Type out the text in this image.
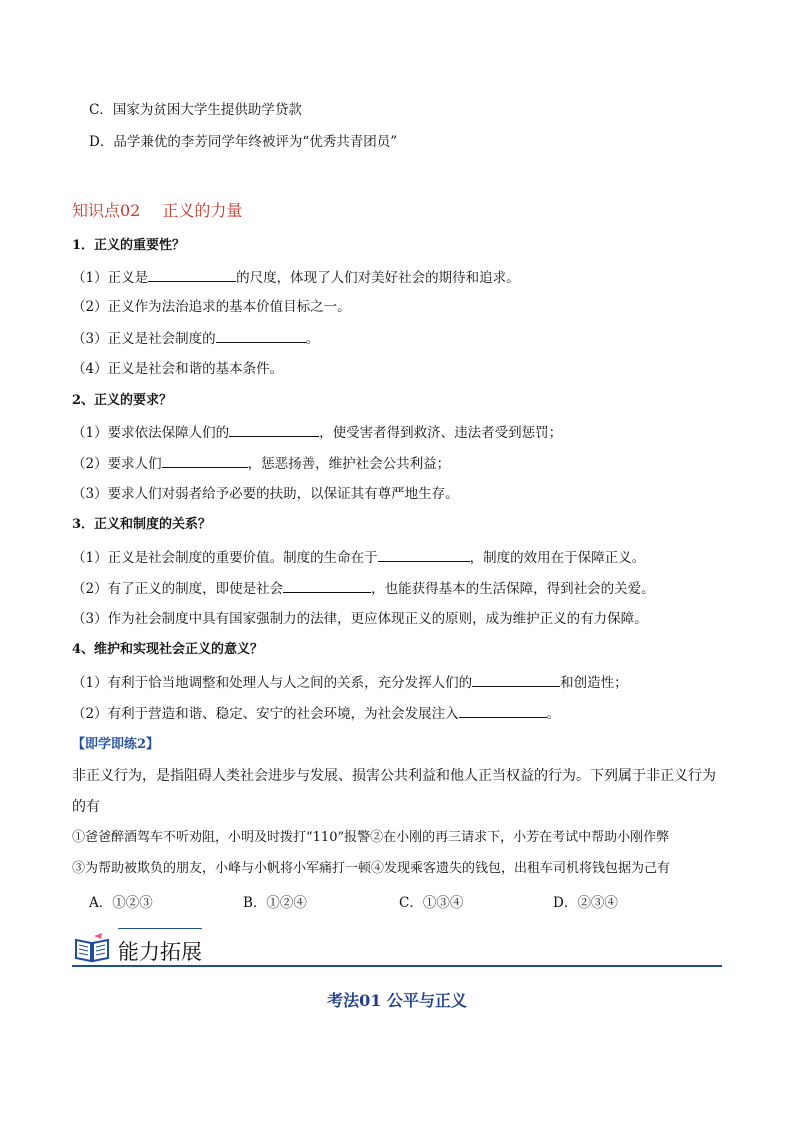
C．国家为贫困大学生提供助学贷款
D．品学兼优的李芳同学年终被评为“优秀共青团员”
知识点02 正义的力量
1．正义的重要性？
（1）正义是	的尺度，体现了人们对美好社会的期待和追求。
（2）正义作为法治追求的基本价值目标之一。
（3）正义是社会制度的	。
（4）正义是社会和谐的基本条件。
2、正义的要求？
（1）要求依法保障人们的	，使受害者得到救济、违法者受到惩罚；
（2）要求人们	，惩恶扬善，维护社会公共利益；
（3）要求人们对弱者给予必要的扶助，以保证其有尊严地生存。
3．正义和制度的关系？
（1）正义是社会制度的重要价值。制度的生命在于	，制度的效用在于保障正义。
（2）有了正义的制度，即使是社会	，也能获得基本的生活保障，得到社会的关爱。
（3）作为社会制度中具有国家强制力的法律，更应体现正义的原则，成为维护正义的有力保障。
4、维护和实现社会正义的意义？
（1）有利于恰当地调整和处理人与人之间的关系，充分发挥人们的	和创造性；
（2）有利于营造和谐、稳定、安宁的社会环境，为社会发展注入	。
【即学即练2】
非正义行为，是指阻碍人类社会进步与发展、损害公共利益和他人正当权益的行为。下列属于非正义行为
的有
①爸爸醉酒驾车不听劝阻，小明及时拨打“110”报警②在小刚的再三请求下，小芳在考试中帮助小刚作弊
③为帮助被欺负的朋友，小峰与小帆将小军痛打一顿④发现乘客遗失的钱包，出租车司机将钱包据为己有
A．①②③	B．①②④	C．①③④	D．②③④
能力拓展
考法01 公平与正义
